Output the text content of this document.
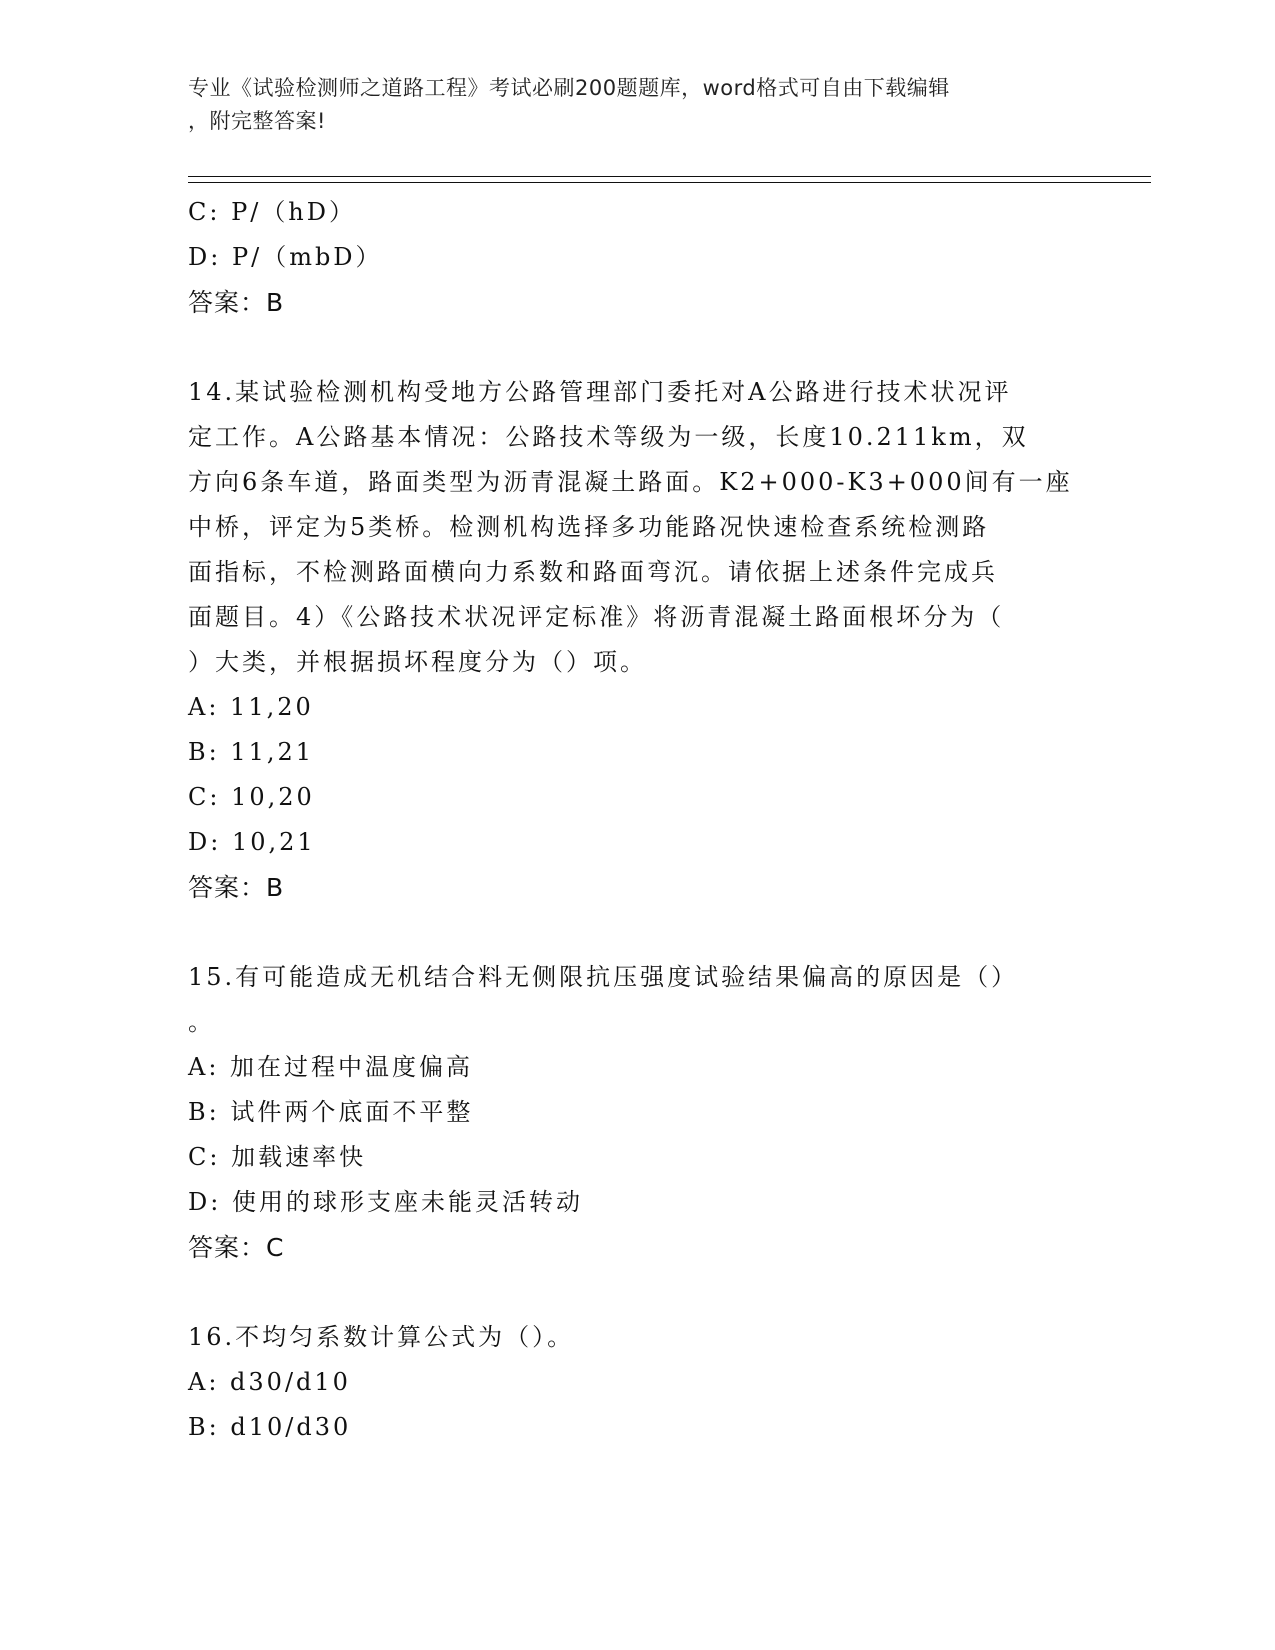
专业《试验检测师之道路工程》考试必刷200题题库，word格式可自由下载编辑
，附完整答案!
C: P/（hD）
D: P/（mbD）
答案：B
14.某试验检测机构受地方公路管理部门委托对A公路进行技术状况评
定工作。A公路基本情况：公路技术等级为一级，长度10.211km，双
方向6条车道，路面类型为沥青混凝土路面。K2+000-K3+000间有一座
中桥，评定为5类桥。检测机构选择多功能路况快速检查系统检测路
面指标，不检测路面横向力系数和路面弯沉。请依据上述条件完成兵
面题目。4）《公路技术状况评定标准》将沥青混凝土路面根坏分为（
）大类，并根据损坏程度分为（）项。
A: 11,20
B: 11,21
C: 10,20
D: 10,21
答案：B
15.有可能造成无机结合料无侧限抗压强度试验结果偏高的原因是（）
。
A: 加在过程中温度偏高
B: 试件两个底面不平整
C: 加载速率快
D: 使用的球形支座未能灵活转动
答案：C
16.不均匀系数计算公式为（）。
A: d30/d10
B: d10/d30
